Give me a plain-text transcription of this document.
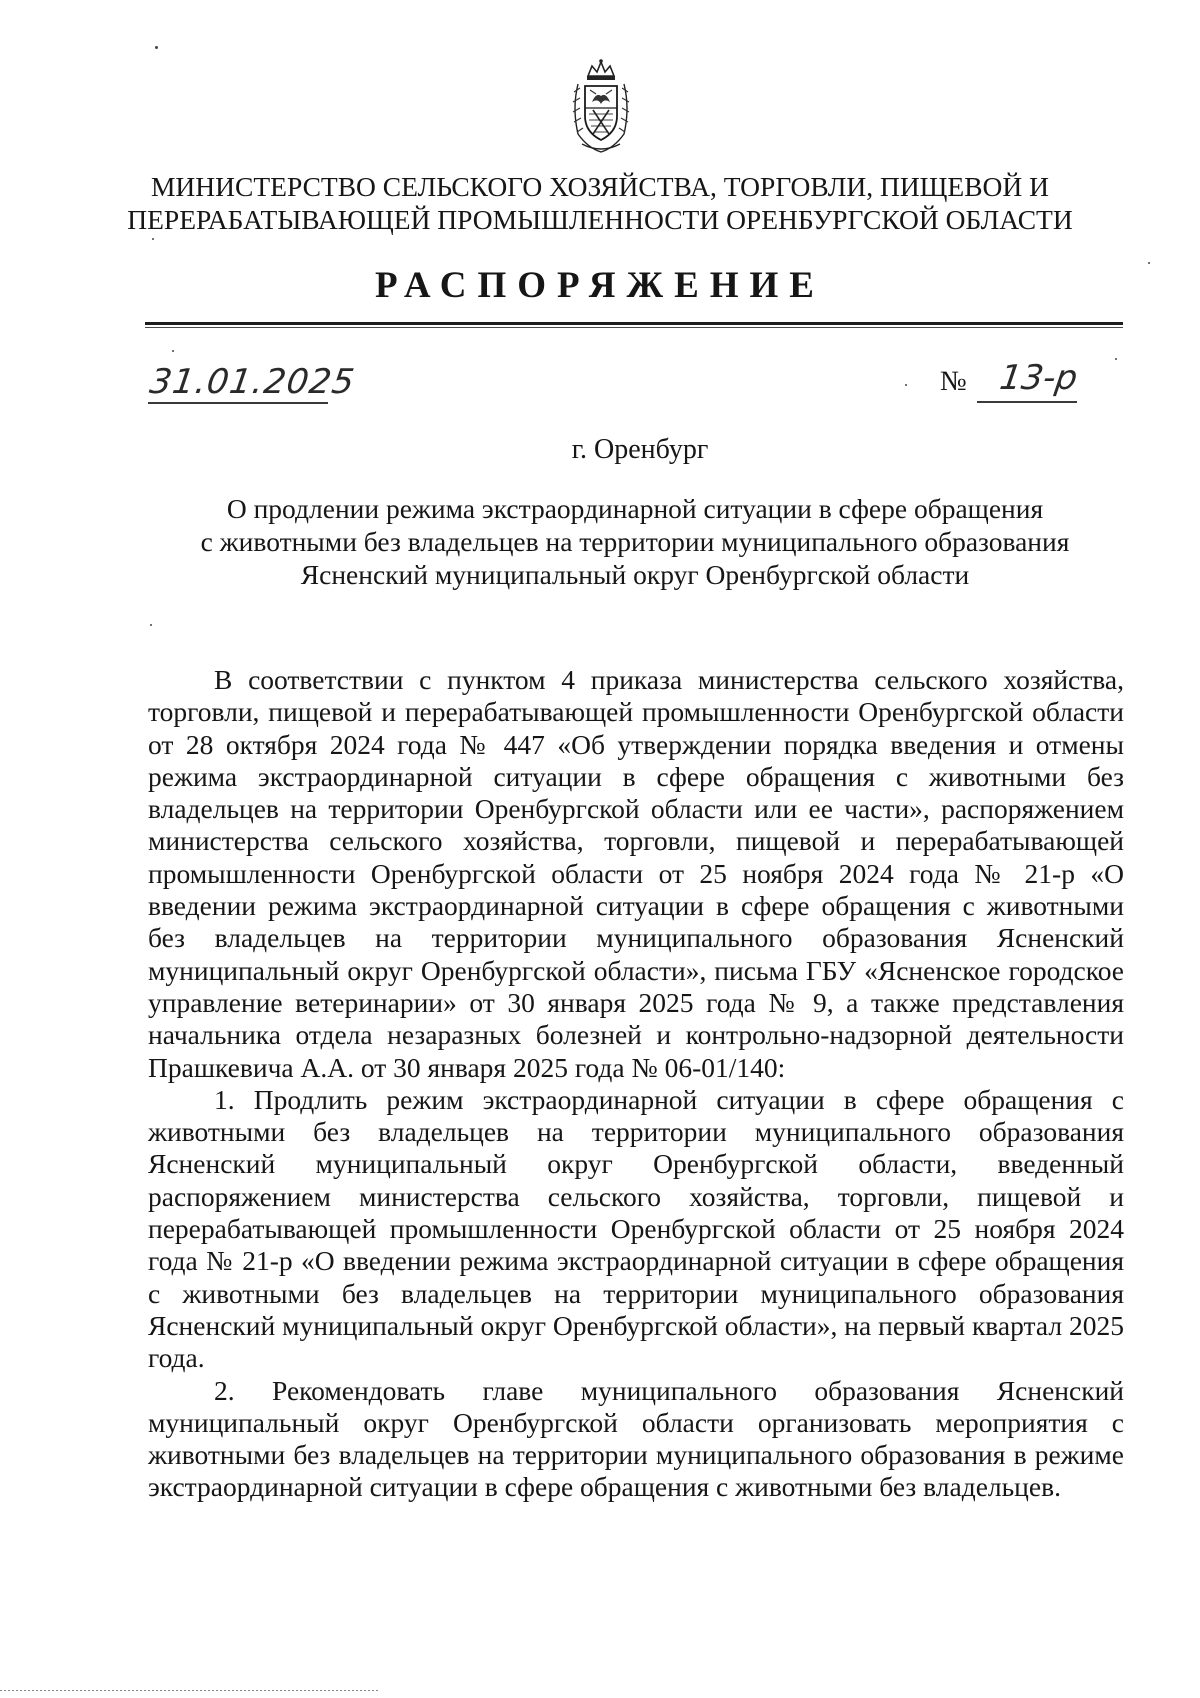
МИНИСТЕРСТВО СЕЛЬСКОГО ХОЗЯЙСТВА, ТОРГОВЛИ, ПИЩЕВОЙ И
ПЕРЕРАБАТЫВАЮЩЕЙ ПРОМЫШЛЕННОСТИ ОРЕНБУРГСКОЙ ОБЛАСТИ
РАСПОРЯЖЕНИЕ
31.01.2025	№ 13-р
г. Оренбург
О продлении режима экстраординарной ситуации в сфере обращения
с животными без владельцев на территории муниципального образования
Ясненский муниципальный округ Оренбургской области

В соответствии с пунктом 4 приказа министерства сельского хозяйства, торговли, пищевой и перерабатывающей промышленности Оренбургской области от 28 октября 2024 года № 447 «Об утверждении порядка введения и отмены режима экстраординарной ситуации в сфере обращения с животными без владельцев на территории Оренбургской области или ее части», распоряжением министерства сельского хозяйства, торговли, пищевой и перерабатывающей промышленности Оренбургской области от 25 ноября 2024 года № 21-р «О введении режима экстраординарной ситуации в сфере обращения с животными без владельцев на территории муниципального образования Ясненский муниципальный округ Оренбургской области», письма ГБУ «Ясненское городское управление ветеринарии» от 30 января 2025 года № 9, а также представления начальника отдела незаразных болезней и контрольно-надзорной деятельности Прашкевича А.А. от 30 января 2025 года № 06-01/140:

1. Продлить режим экстраординарной ситуации в сфере обращения с животными без владельцев на территории муниципального образования Ясненский муниципальный округ Оренбургской области, введенный распоряжением министерства сельского хозяйства, торговли, пищевой и перерабатывающей промышленности Оренбургской области от 25 ноября 2024 года № 21-р «О введении режима экстраординарной ситуации в сфере обращения с животными без владельцев на территории муниципального образования Ясненский муниципальный округ Оренбургской области», на первый квартал 2025 года.

2. Рекомендовать главе муниципального образования Ясненский муниципальный округ Оренбургской области организовать мероприятия с животными без владельцев на территории муниципального образования в режиме экстраординарной ситуации в сфере обращения с животными без владельцев.
